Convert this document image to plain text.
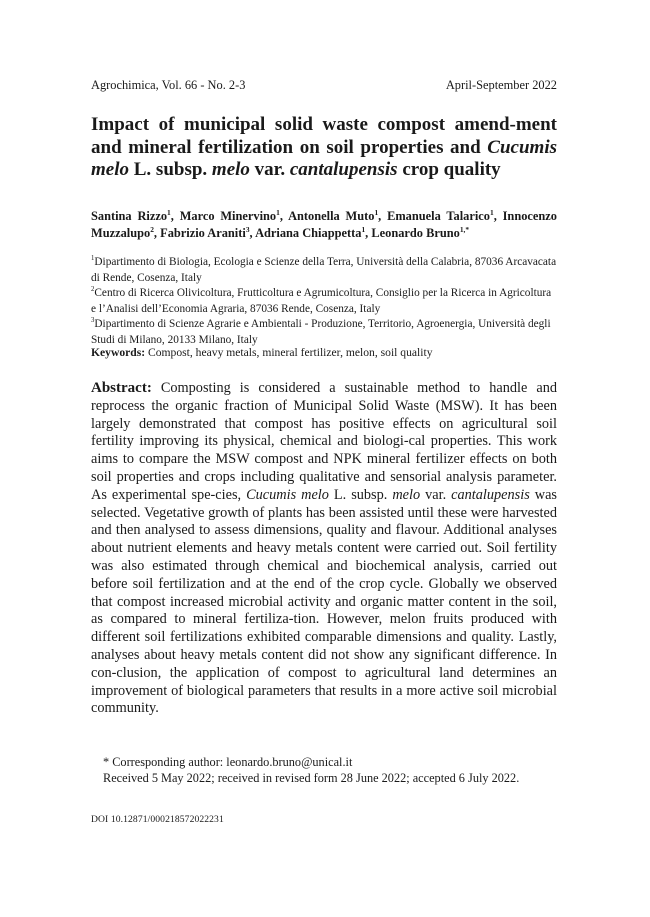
Agrochimica, Vol. 66 - No. 2-3	April-September 2022
Impact of municipal solid waste compost amend-ment and mineral fertilization on soil properties and Cucumis melo L. subsp. melo var. cantalupensis crop quality

Santina Rizzo$^1$, Marco Minervino$^1$, Antonella Muto$^1$, Emanuela Talarico$^1$, Innocenzo Muzzalupo$^2$, Fabrizio Araniti$^3$, Adriana Chiappetta$^1$, Leonardo Bruno$^{1,*}$

$^1$Dipartimento di Biologia, Ecologia e Scienze della Terra, Università della Calabria, 87036 Arcavacata di Rende, Cosenza, Italy

$^2$Centro di Ricerca Olivicoltura, Frutticoltura e Agrumicoltura, Consiglio per la Ricerca in Agricoltura e l’Analisi dell’Economia Agraria, 87036 Rende, Cosenza, Italy

$^3$Dipartimento di Scienze Agrarie e Ambientali - Produzione, Territorio, Agroenergia, Università degli Studi di Milano, 20133 Milano, Italy

Keywords: Compost, heavy metals, mineral fertilizer, melon, soil quality

Abstract: Composting is considered a sustainable method to handle and reprocess the organic fraction of Municipal Solid Waste (MSW). It has been largely demonstrated that compost has positive effects on agricultural soil fertility improving its physical, chemical and biologi-cal properties. This work aims to compare the MSW compost and NPK mineral fertilizer effects on both soil properties and crops including qualitative and sensorial analysis parameter. As experimental spe-cies, Cucumis melo L. subsp. melo var. cantalupensis was selected. Vegetative growth of plants has been assisted until these were harvested and then analysed to assess dimensions, quality and flavour. Additional analyses about nutrient elements and heavy metals content were carried out. Soil fertility was also estimated through chemical and biochemical analysis, carried out before soil fertilization and at the end of the crop cycle. Globally we observed that compost increased microbial activity and organic matter content in the soil, as compared to mineral fertiliza-tion. However, melon fruits produced with different soil fertilizations exhibited comparable dimensions and quality. Lastly, analyses about heavy metals content did not show any significant difference. In con-clusion, the application of compost to agricultural land determines an improvement of biological parameters that results in a more active soil microbial community.

* Corresponding author: leonardo.bruno@unical.it

Received 5 May 2022; received in revised form 28 June 2022; accepted 6 July 2022.

DOI 10.12871/000218572022231
